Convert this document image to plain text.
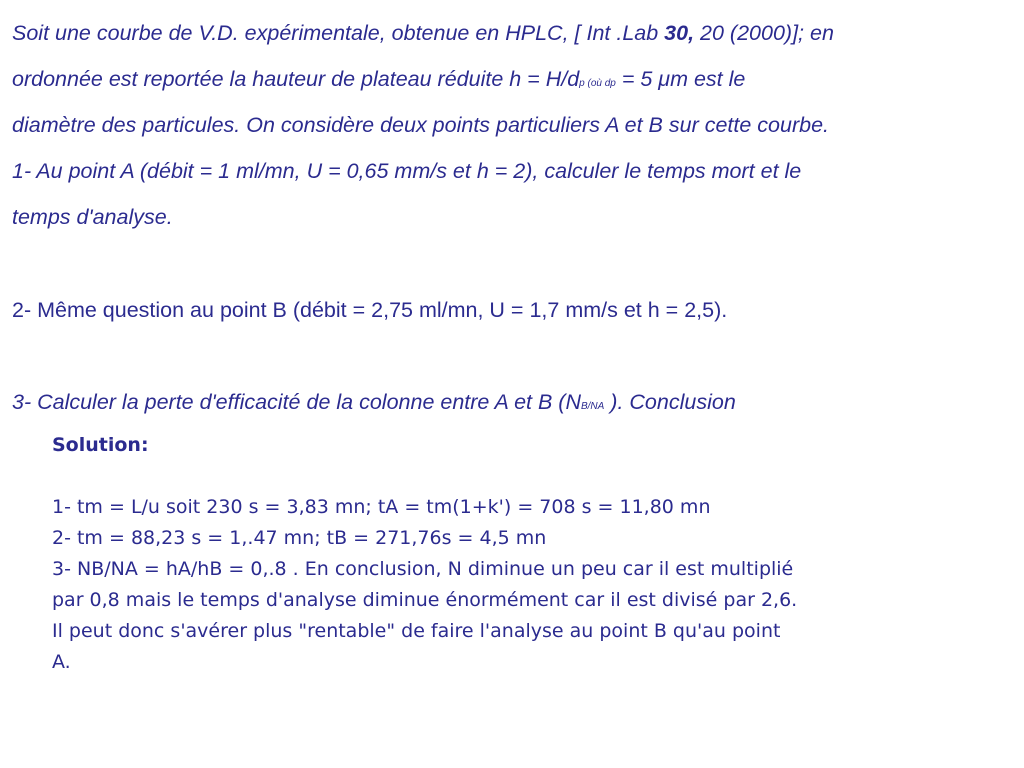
Soit une courbe de V.D. expérimentale, obtenue en HPLC, [ Int .Lab 30, 20 (2000)]; en
ordonnée est reportée la hauteur de plateau réduite h = H/dp (où dp = 5 μm est le
diamètre des particules. On considère deux points particuliers A et B sur cette courbe.
1- Au point A (débit = 1 ml/mn, U = 0,65 mm/s et h = 2), calculer le temps mort et le
temps d'analyse.
2- Même question au point B (débit = 2,75 ml/mn, U = 1,7 mm/s et h = 2,5).
3- Calculer la perte d'efficacité de la colonne entre A et B (NB/NA ). Conclusion
Solution:
1- tm = L/u soit 230 s = 3,83 mn; tA = tm(1+k') = 708 s = 11,80 mn
2- tm = 88,23 s = 1,.47 mn; tB = 271,76s = 4,5 mn
3- NB/NA = hA/hB = 0,.8 . En conclusion, N diminue un peu car il est multiplié
par 0,8 mais le temps d'analyse diminue énormément car il est divisé par 2,6.
Il peut donc s'avérer plus "rentable" de faire l'analyse au point B qu'au point
A.
